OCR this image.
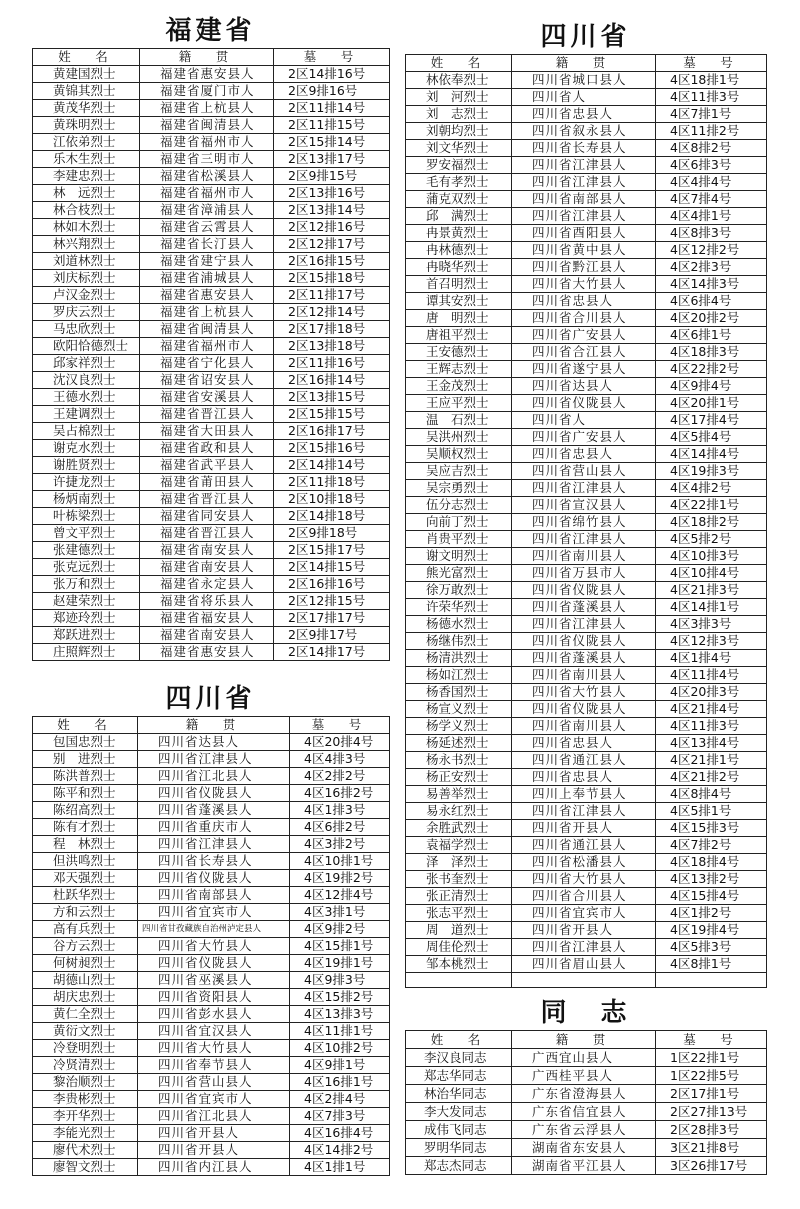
福建省
姓　名	籍　贯	墓　号
黄建国烈士	福建省惠安县人	2区14排16号
黄锦其烈士	福建省厦门市人	2区9排16号
黄茂华烈士	福建省上杭县人	2区11排14号
黄珠明烈士	福建省闽清县人	2区11排15号
江依弟烈士	福建省福州市人	2区15排14号
乐木生烈士	福建省三明市人	2区13排17号
李建忠烈士	福建省松溪县人	2区9排15号
林　远烈士	福建省福州市人	2区13排16号
林合枝烈士	福建省漳浦县人	2区13排14号
林如木烈士	福建省云霄县人	2区12排16号
林兴翔烈士	福建省长汀县人	2区12排17号
刘道林烈士	福建省建宁县人	2区16排15号
刘庆标烈士	福建省浦城县人	2区15排18号
卢汉金烈士	福建省惠安县人	2区11排17号
罗庆云烈士	福建省上杭县人	2区12排14号
马忠欣烈士	福建省闽清县人	2区17排18号
欧阳恰德烈士	福建省福州市人	2区13排18号
邱家祥烈士	福建省宁化县人	2区11排16号
沈汉良烈士	福建省诏安县人	2区16排14号
王德水烈士	福建省安溪县人	2区13排15号
王建调烈士	福建省晋江县人	2区15排15号
吴占棉烈士	福建省大田县人	2区16排17号
谢克水烈士	福建省政和县人	2区15排16号
谢胜贤烈士	福建省武平县人	2区14排14号
许捷龙烈士	福建省莆田县人	2区11排18号
杨炳南烈士	福建省晋江县人	2区10排18号
叶栋梁烈士	福建省同安县人	2区14排18号
曾文平烈士	福建省晋江县人	2区9排18号
张建德烈士	福建省南安县人	2区15排17号
张克远烈士	福建省南安县人	2区14排15号
张万和烈士	福建省永定县人	2区16排16号
赵建荣烈士	福建省将乐县人	2区12排15号
郑迹玲烈士	福建省福安县人	2区17排17号
郑跃进烈士	福建省南安县人	2区9排17号
庄照辉烈士	福建省惠安县人	2区14排17号
四川省
姓　名	籍　贯	墓　号
包国忠烈士	四川省达县人	4区20排4号
别　进烈士	四川省江津县人	4区4排3号
陈洪普烈士	四川省江北县人	4区2排2号
陈平和烈士	四川省仪陇县人	4区16排2号
陈绍高烈士	四川省蓬溪县人	4区1排3号
陈有才烈士	四川省重庆市人	4区6排2号
程　林烈士	四川省江津县人	4区3排2号
但洪鸣烈士	四川省长寿县人	4区10排1号
邓天强烈士	四川省仪陇县人	4区19排2号
杜跃华烈士	四川省南部县人	4区12排4号
方和云烈士	四川省宜宾市人	4区3排1号
高有兵烈士	四川省甘孜藏族自治州泸定县人	4区9排2号
谷方云烈士	四川省大竹县人	4区15排1号
何树昶烈士	四川省仪陇县人	4区19排1号
胡德山烈士	四川省巫溪县人	4区9排3号
胡庆忠烈士	四川省资阳县人	4区15排2号
黄仁全烈士	四川省彭水县人	4区13排3号
黄衍文烈士	四川省宜汉县人	4区11排1号
冷登明烈士	四川省大竹县人	4区10排2号
冷贤清烈士	四川省奉节县人	4区9排1号
黎治顺烈士	四川省营山县人	4区16排1号
李贵彬烈士	四川省宜宾市人	4区2排4号
李开华烈士	四川省江北县人	4区7排3号
李能光烈士	四川省开县人	4区16排4号
廖代术烈士	四川省开县人	4区14排2号
廖智文烈士	四川省内江县人	4区1排1号
四川省
姓　名	籍　贯	墓　号
林依奉烈士	四川省城口县人	4区18排1号
刘　河烈士	四川省人	4区11排3号
刘　志烈士	四川省忠县人	4区7排1号
刘朝均烈士	四川省叙永县人	4区11排2号
刘文华烈士	四川省长寿县人	4区8排2号
罗安福烈士	四川省江津县人	4区6排3号
毛有孝烈士	四川省江津县人	4区4排4号
蒲克双烈士	四川省南部县人	4区7排4号
邱　满烈士	四川省江津县人	4区4排1号
冉景黄烈士	四川省酉阳县人	4区8排3号
冉林德烈士	四川省黄中县人	4区12排2号
冉晓华烈士	四川省黔江县人	4区2排3号
首召明烈士	四川省大竹县人	4区14排3号
谭其安烈士	四川省忠县人	4区6排4号
唐　明烈士	四川省合川县人	4区20排2号
唐祖平烈士	四川省广安县人	4区6排1号
王安德烈士	四川省合江县人	4区18排3号
王辉志烈士	四川省遂宁县人	4区22排2号
王金茂烈士	四川省达县人	4区9排4号
王应平烈士	四川省仪陇县人	4区20排1号
温　石烈士	四川省人	4区17排4号
吴洪州烈士	四川省广安县人	4区5排4号
吴顺权烈士	四川省忠县人	4区14排4号
吴应吉烈士	四川省营山县人	4区19排3号
吴宗勇烈士	四川省江津县人	4区4排2号
伍分志烈士	四川省宣汉县人	4区22排1号
向前丁烈士	四川省绵竹县人	4区18排2号
肖贵平烈士	四川省江津县人	4区5排2号
谢文明烈士	四川省南川县人	4区10排3号
熊光富烈士	四川省万县市人	4区10排4号
徐万敢烈士	四川省仪陇县人	4区21排3号
许荣华烈士	四川省蓬溪县人	4区14排1号
杨德水烈士	四川省江津县人	4区3排3号
杨继伟烈士	四川省仪陇县人	4区12排3号
杨清洪烈士	四川省蓬溪县人	4区1排4号
杨如江烈士	四川省南川县人	4区11排4号
杨香国烈士	四川省大竹县人	4区20排3号
杨宣义烈士	四川省仪陇县人	4区21排4号
杨学义烈士	四川省南川县人	4区11排3号
杨延述烈士	四川省忠县人	4区13排4号
杨永书烈士	四川省通江县人	4区21排1号
杨正安烈士	四川省忠县人	4区21排2号
易善举烈士	四川上奉节县人	4区8排4号
易永红烈士	四川省江津县人	4区5排1号
余胜武烈士	四川省开县人	4区15排3号
袁福学烈士	四川省通江县人	4区7排2号
泽　泽烈士	四川省松潘县人	4区18排4号
张书奎烈士	四川省大竹县人	4区13排2号
张正清烈士	四川省合川县人	4区15排4号
张志平烈士	四川省宜宾市人	4区1排2号
周　道烈士	四川省开县人	4区19排4号
周佳伦烈士	四川省江津县人	4区5排3号
邹本桃烈士	四川省眉山县人	4区8排1号

同　志
姓　名	籍　贯	墓　号
李汉良同志	广西宜山县人	1区22排1号
郑志华同志	广西桂平县人	1区22排5号
林治华同志	广东省澄海县人	2区17排1号
李大发同志	广东省信宜县人	2区27排13号
成伟飞同志	广东省云浮县人	2区28排3号
罗明华同志	湖南省东安县人	3区21排8号
郑志杰同志	湖南省平江县人	3区26排17号
